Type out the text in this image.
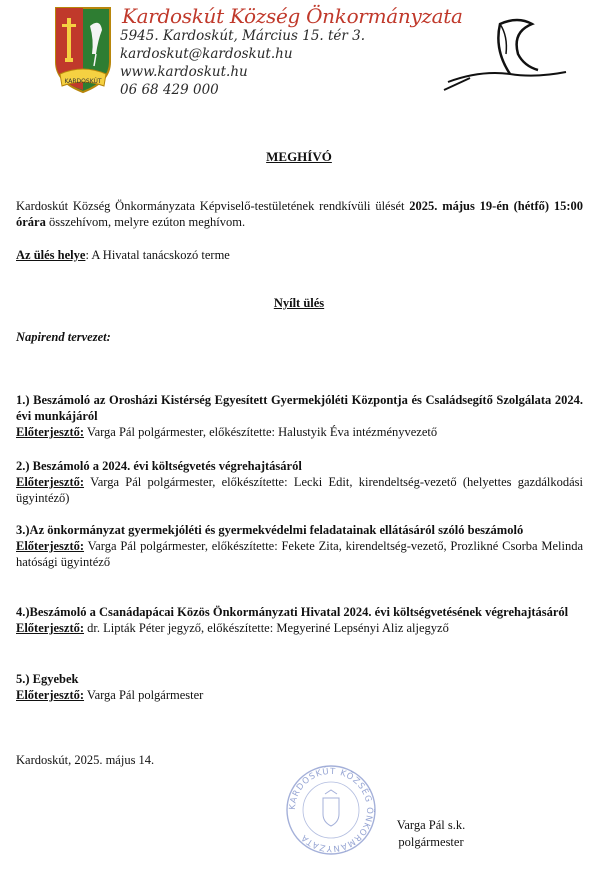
KARDOSKÚT
Kardoskút Község Önkormányzata
5945. Kardoskút, Március 15. tér 3.
kardoskut@kardoskut.hu
www.kardoskut.hu
06 68 429 000
MEGHÍVÓ
Kardoskút Község Önkormányzata Képviselő-testületének rendkívüli ülését 2025. május 19-én (hétfő) 15:00 órára összehívom, melyre ezúton meghívom.
Az ülés helye: A Hivatal tanácskozó terme
Nyílt ülés
Napirend tervezet:
1.) Beszámoló az Orosházi Kistérség Egyesített Gyermekjóléti Központja és Családsegítő Szolgálata 2024. évi munkájáról
Előterjesztő: Varga Pál polgármester, előkészítette: Halustyik Éva intézményvezető
2.) Beszámoló a 2024. évi költségvetés végrehajtásáról
Előterjesztő: Varga Pál polgármester, előkészítette: Lecki Edit, kirendeltség-vezető (helyettes gazdálkodási ügyintéző)
3.)Az önkormányzat gyermekjóléti és gyermekvédelmi feladatainak ellátásáról szóló beszámoló
Előterjesztő: Varga Pál polgármester, előkészítette: Fekete Zita, kirendeltség-vezető, Prozlikné Csorba Melinda hatósági ügyintéző
4.)Beszámoló a Csanádapácai Közös Önkormányzati Hivatal 2024. évi költségvetésének végrehajtásáról
Előterjesztő: dr. Lipták Péter jegyző, előkészítette: Megyeriné Lepsényi Aliz aljegyző
5.) Egyebek
Előterjesztő: Varga Pál polgármester
Kardoskút, 2025. május 14.
KARDOSKÚT KÖZSÉG ÖNKORMÁNYZATA
Varga Pál s.k.
polgármester
